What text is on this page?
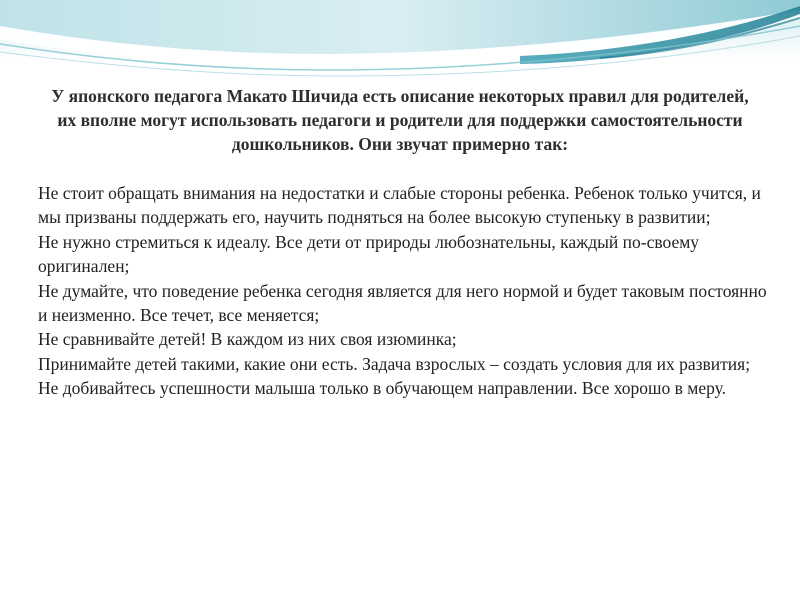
У японского педагога Макато Шичида есть описание некоторых правил для родителей, их вполне могут использовать педагоги и родители для поддержки самостоятельности дошкольников. Они звучат примерно так:

Не стоит обращать внимания на недостатки и слабые стороны ребенка. Ребенок только учится, и мы призваны поддержать его, научить подняться на более высокую ступеньку в развитии;
Не нужно стремиться к идеалу. Все дети от природы любознательны, каждый по-своему оригинален;
Не думайте, что поведение ребенка сегодня является для него нормой и будет таковым постоянно и неизменно. Все течет, все меняется;
Не сравнивайте детей! В каждом из них своя изюминка;
Принимайте детей такими, какие они есть. Задача взрослых – создать условия для их развития;
Не добивайтесь успешности малыша только в обучающем направлении. Все хорошо в меру.
